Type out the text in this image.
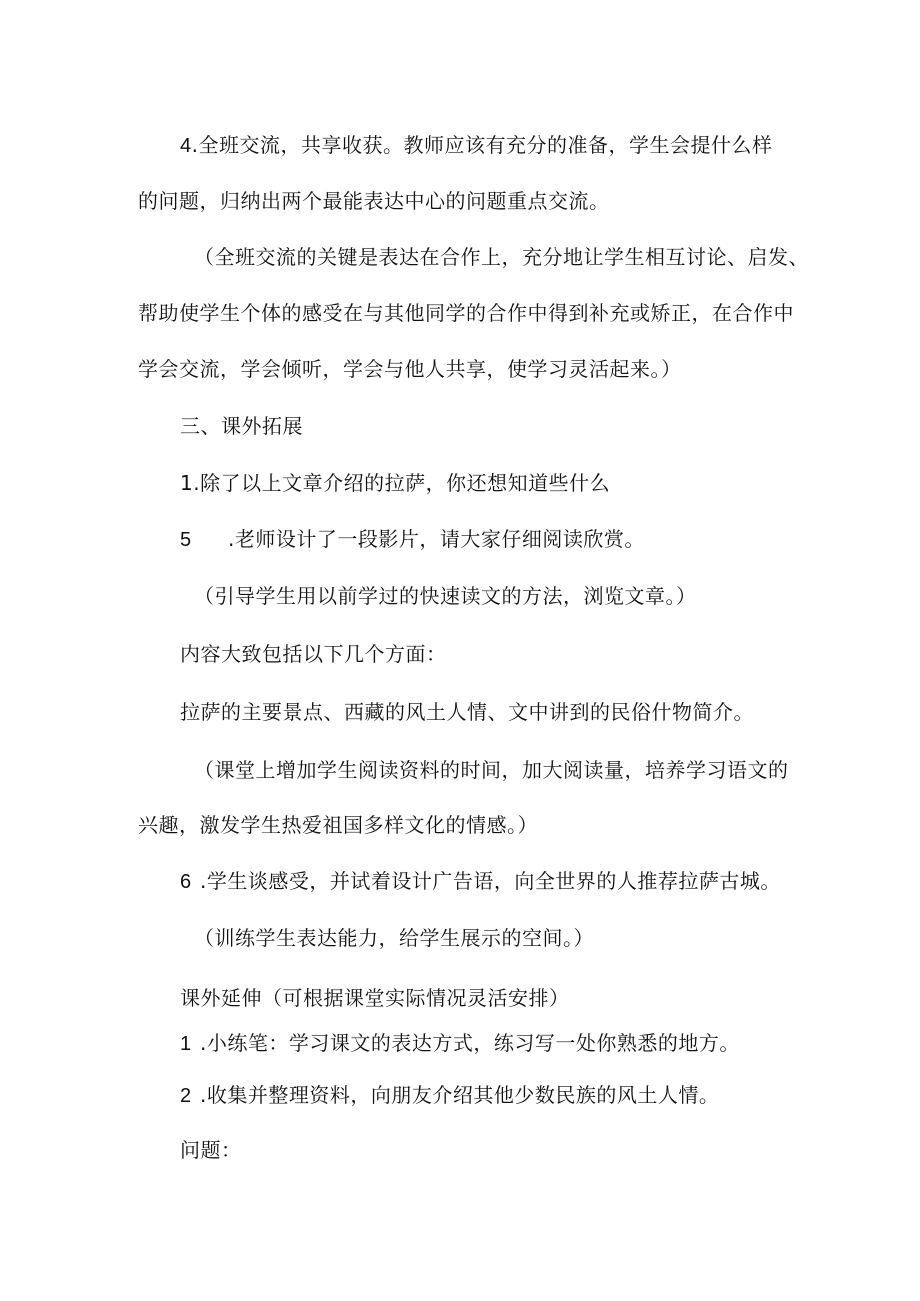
4.全班交流，共享收获。教师应该有充分的准备，学生会提什么样
的问题，归纳出两个最能表达中心的问题重点交流。
（全班交流的关键是表达在合作上，充分地让学生相互讨论、启发、
帮助使学生个体的感受在与其他同学的合作中得到补充或矫正，在合作中
学会交流，学会倾听，学会与他人共享，使学习灵活起来。）
三、课外拓展
1.除了以上文章介绍的拉萨，你还想知道些什么
5 .老师设计了一段影片，请大家仔细阅读欣赏。
（引导学生用以前学过的快速读文的方法，浏览文章。）
内容大致包括以下几个方面：
拉萨的主要景点、西藏的风土人情、文中讲到的民俗什物简介。
（课堂上增加学生阅读资料的时间，加大阅读量，培养学习语文的
兴趣，激发学生热爱祖国多样文化的情感。）
6 .学生谈感受，并试着设计广告语，向全世界的人推荐拉萨古城。
（训练学生表达能力，给学生展示的空间。）
课外延伸（可根据课堂实际情况灵活安排）
1 .小练笔：学习课文的表达方式，练习写一处你熟悉的地方。
2 .收集并整理资料，向朋友介绍其他少数民族的风土人情。
问题：
